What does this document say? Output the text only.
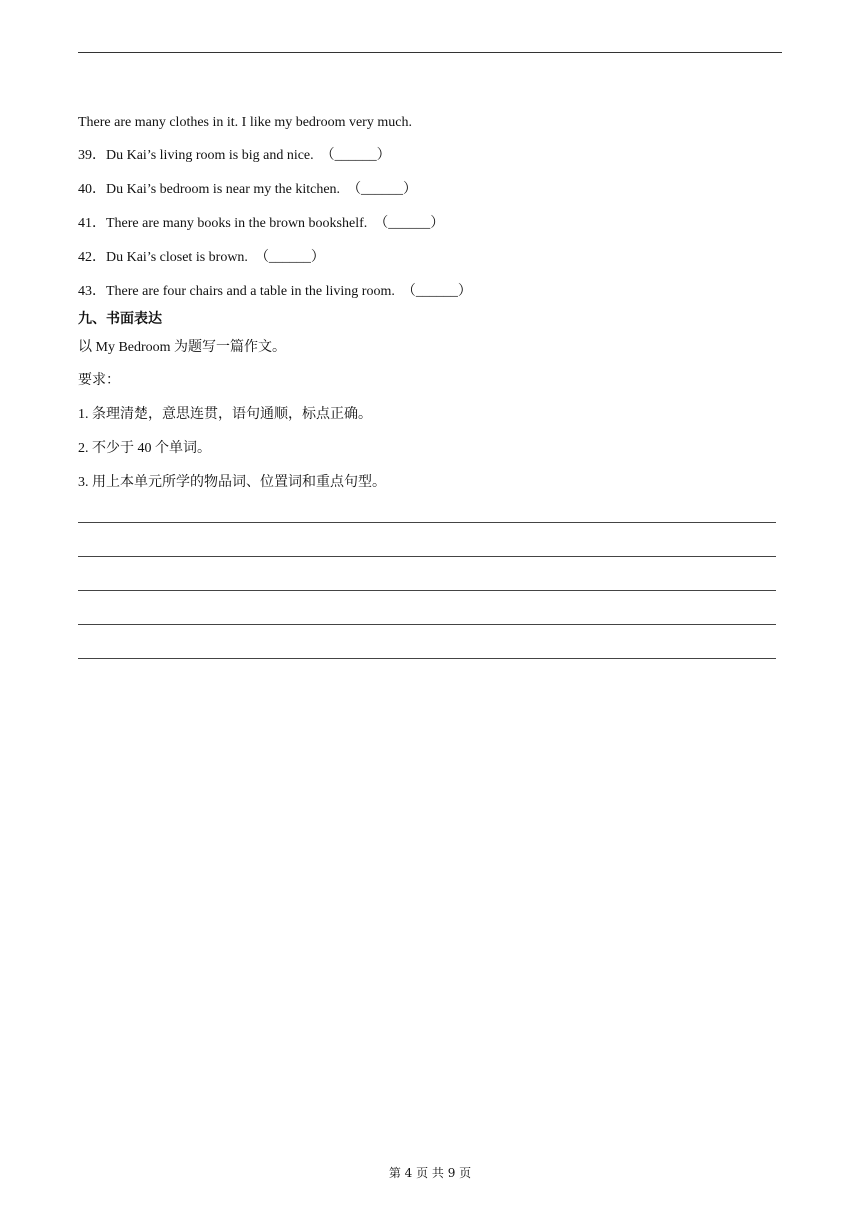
There are many clothes in it. I like my bedroom very much.
39．Du Kai’s living room is big and nice. （______）
40．Du Kai’s bedroom is near my the kitchen. （______）
41．There are many books in the brown bookshelf. （______）
42．Du Kai’s closet is brown. （______）
43．There are four chairs and a table in the living room. （______）
九、书面表达
以 My Bedroom 为题写一篇作文。
要求：
1. 条理清楚，意思连贯，语句通顺，标点正确。
2. 不少于 40 个单词。
3. 用上本单元所学的物品词、位置词和重点句型。
第 4 页 共 9 页
